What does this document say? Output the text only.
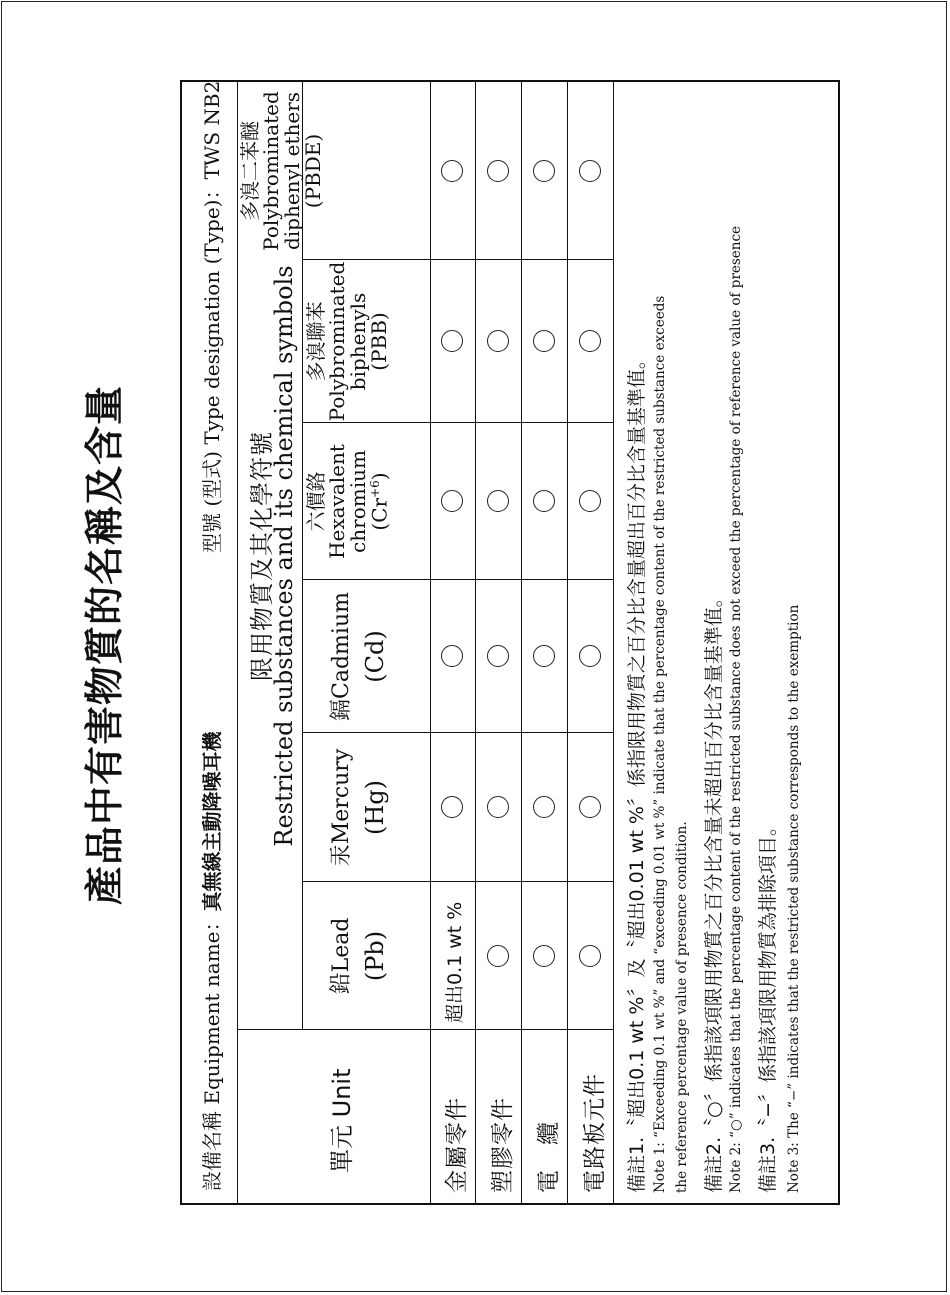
產品中有害物質的名稱及含量
設備名稱 Equipment name：真無線主動降噪耳機
型號 (型式) Type designation (Type)：TWS NB2
單元 Unit
限用物質及其化學符號
Restricted substances and its chemical symbols
鉛Lead (Pb)
汞Mercury (Hg)
鎘Cadmium (Cd)
六價鉻
Hexavalent
chromium
$(Cr^{+6})$
多溴聯苯
Polybrominated
biphenyls
(PBB)
多溴二苯醚
Polybrominated
diphenyl ethers
(PBDE)
金屬零件 塑膠零件 電　纜 電路板元件
超出0.1 wt %	備註1.〝超出0.1 wt %〞及〝超出0.01 wt %〞係指限用物質之百分比含量超出百分比含量基準值。 Note 1: “Exceeding 0.1 wt %” and “exceeding 0.01 wt %” indicate that the percentage content of the restricted substance exceeds the reference percentage value of presence condition. 備註2.〝○〞係指該項限用物質之百分比含量未超出百分比含量基準值。 Note 2: “○” indicates that the percentage content of the restricted substance does not exceed the percentage of reference value of presence 備註3.〝−〞係指該項限用物質為排除項目。 Note 3: The “−” indicates that the restricted substance corresponds to the exemption
